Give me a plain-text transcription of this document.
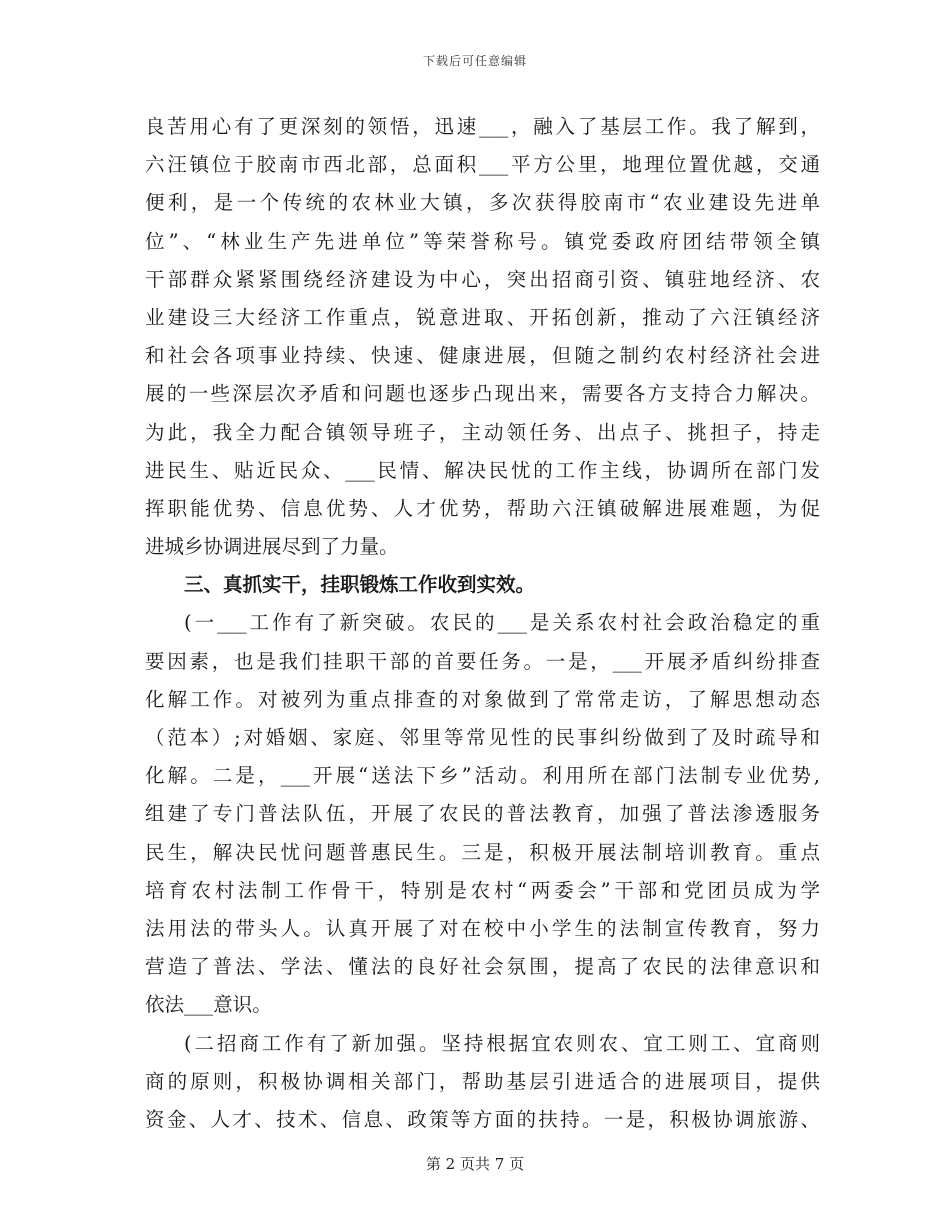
下载后可任意编辑
良苦用心有了更深刻的领悟，迅速___，融入了基层工作。我了解到，
六汪镇位于胶南市西北部，总面积___平方公里，地理位置优越，交通
便利，是一个传统的农林业大镇，多次获得胶南市“农业建设先进单
位”、“林业生产先进单位”等荣誉称号。镇党委政府团结带领全镇
干部群众紧紧围绕经济建设为中心，突出招商引资、镇驻地经济、农
业建设三大经济工作重点，锐意进取、开拓创新，推动了六汪镇经济
和社会各项事业持续、快速、健康进展，但随之制约农村经济社会进
展的一些深层次矛盾和问题也逐步凸现出来，需要各方支持合力解决。
为此，我全力配合镇领导班子，主动领任务、出点子、挑担子，持走
进民生、贴近民众、___民情、解决民忧的工作主线，协调所在部门发
挥职能优势、信息优势、人才优势，帮助六汪镇破解进展难题，为促
进城乡协调进展尽到了力量。
三、真抓实干，挂职锻炼工作收到实效。
(一___工作有了新突破。农民的___是关系农村社会政治稳定的重
要因素，也是我们挂职干部的首要任务。一是，___开展矛盾纠纷排查
化解工作。对被列为重点排查的对象做到了常常走访，了解思想动态
（范本）;对婚姻、家庭、邻里等常见性的民事纠纷做到了及时疏导和
化解。二是，___开展“送法下乡”活动。利用所在部门法制专业优势,
组建了专门普法队伍，开展了农民的普法教育，加强了普法渗透服务
民生，解决民忧问题普惠民生。三是，积极开展法制培训教育。重点
培育农村法制工作骨干，特别是农村“两委会”干部和党团员成为学
法用法的带头人。认真开展了对在校中小学生的法制宣传教育，努力
营造了普法、学法、懂法的良好社会氛围，提高了农民的法律意识和
依法___意识。
(二招商工作有了新加强。坚持根据宜农则农、宜工则工、宜商则
商的原则，积极协调相关部门，帮助基层引进适合的进展项目，提供
资金、人才、技术、信息、政策等方面的扶持。一是，积极协调旅游、
第 2 页共 7 页
